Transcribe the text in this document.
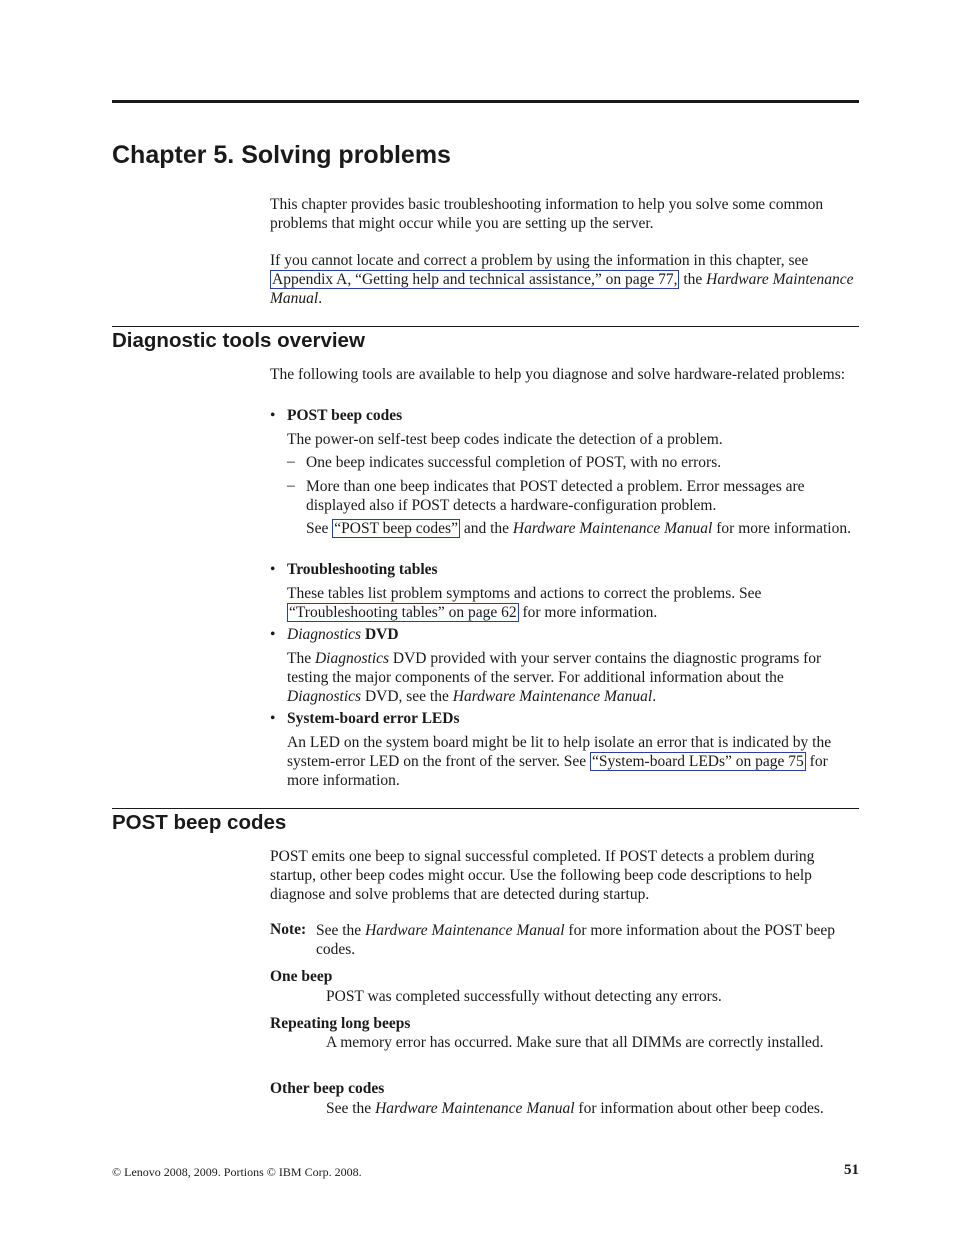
Chapter 5. Solving problems

This chapter provides basic troubleshooting information to help you solve some common problems that might occur while you are setting up the server.

If you cannot locate and correct a problem by using the information in this chapter, see Appendix A, “Getting help and technical assistance,” on page 77, the Hardware Maintenance Manual.

Diagnostic tools overview

The following tools are available to help you diagnose and solve hardware-related problems:

• POST beep codes

The power-on self-test beep codes indicate the detection of a problem.

– One beep indicates successful completion of POST, with no errors.

– More than one beep indicates that POST detected a problem. Error messages are displayed also if POST detects a hardware-configuration problem.

See “POST beep codes” and the Hardware Maintenance Manual for more information.

• Troubleshooting tables

These tables list problem symptoms and actions to correct the problems. See “Troubleshooting tables” on page 62 for more information.

• Diagnostics DVD

The Diagnostics DVD provided with your server contains the diagnostic programs for testing the major components of the server. For additional information about the Diagnostics DVD, see the Hardware Maintenance Manual.

• System-board error LEDs

An LED on the system board might be lit to help isolate an error that is indicated by the system-error LED on the front of the server. See “System-board LEDs” on page 75 for more information.

POST beep codes

POST emits one beep to signal successful completed. If POST detects a problem during startup, other beep codes might occur. Use the following beep code descriptions to help diagnose and solve problems that are detected during startup.

Note: See the Hardware Maintenance Manual for more information about the POST beep codes.

One beep

POST was completed successfully without detecting any errors.

Repeating long beeps

A memory error has occurred. Make sure that all DIMMs are correctly installed.

Other beep codes

See the Hardware Maintenance Manual for information about other beep codes.

© Lenovo 2008, 2009. Portions © IBM Corp. 2008.	51
